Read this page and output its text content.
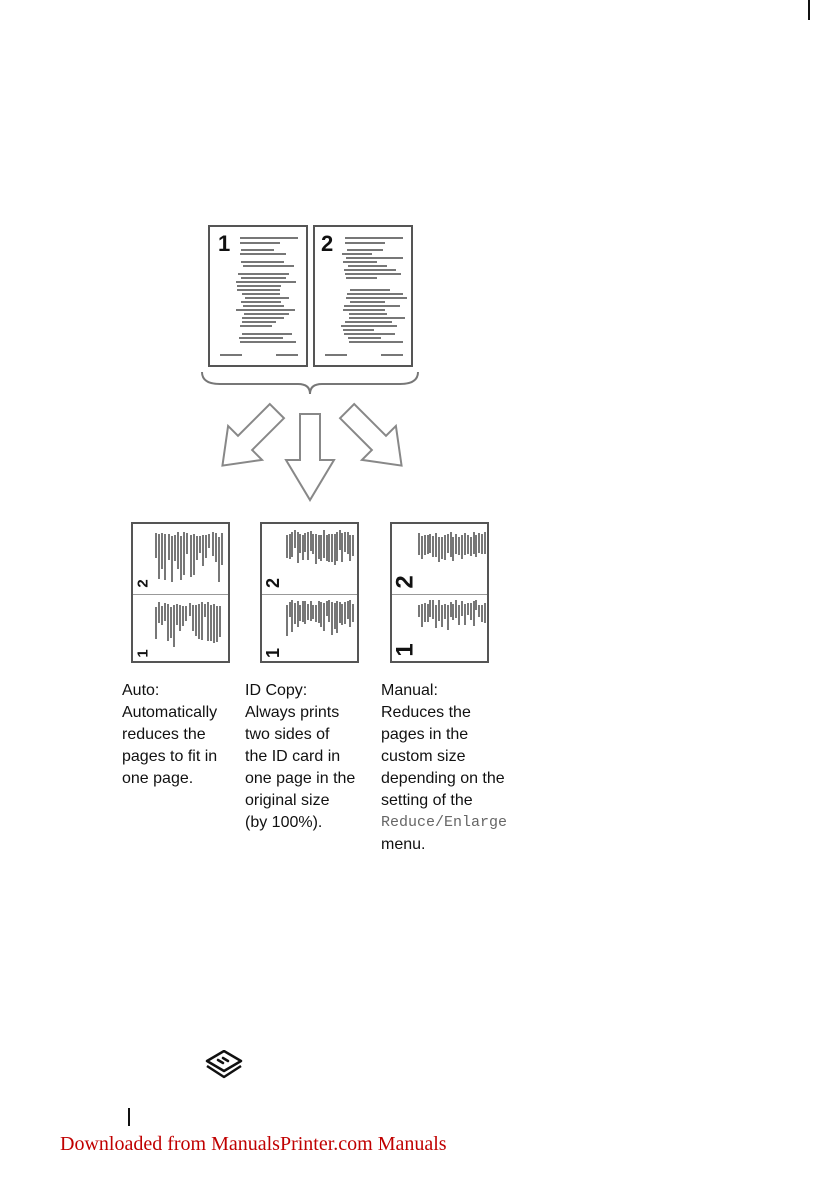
1	2
2
1
2
1
2
1

Auto:

Automatically

reduces the

pages to fit in

one page.

ID Copy:

Always prints

two sides of

the ID card in

one page in the

original size

(by 100%).

Manual:

Reduces the

pages in the

custom size

depending on the

setting of the

Reduce/Enlarge

menu.

Downloaded from ManualsPrinter.com Manuals
